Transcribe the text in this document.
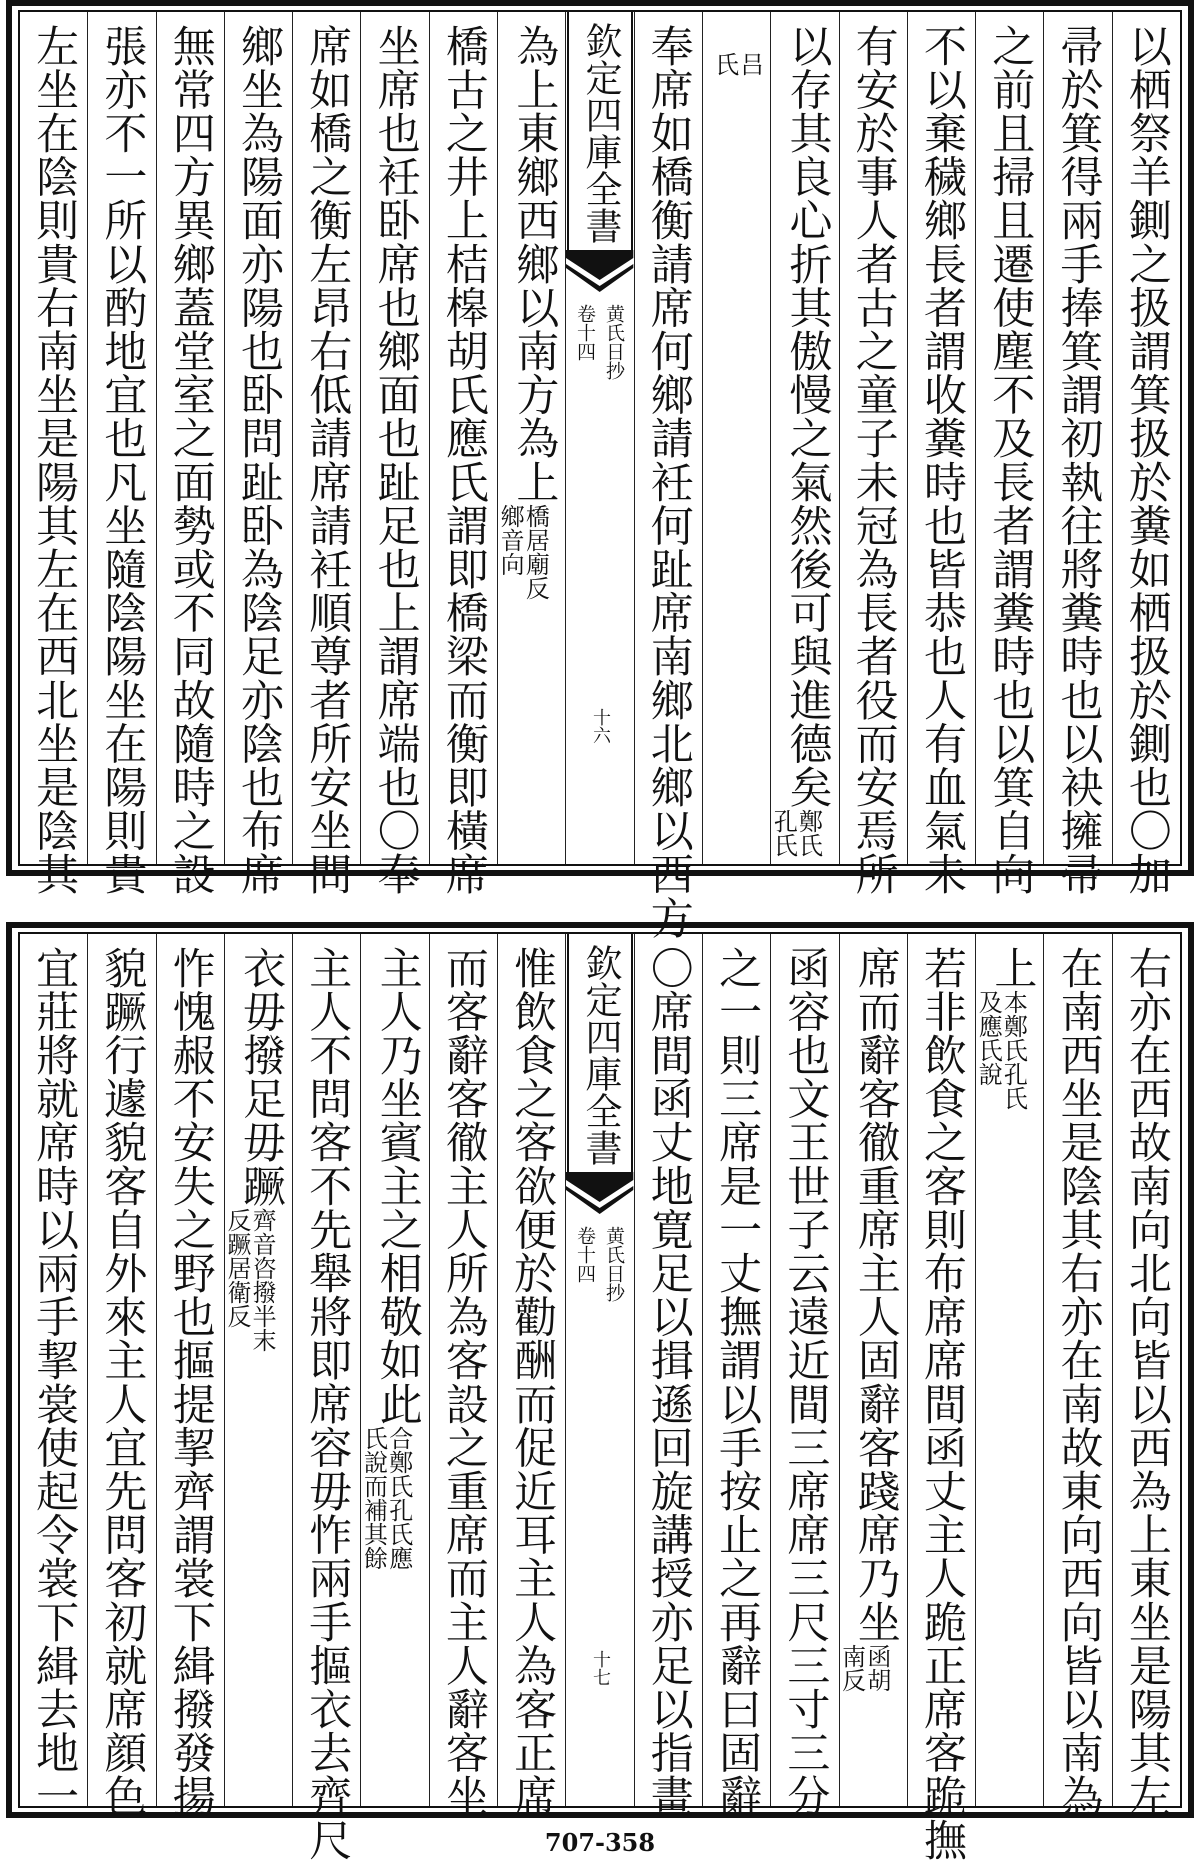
以栖祭羊鍘之扱謂箕扱於糞如栖扱於鍘也〇加
帚於箕得兩手捧箕謂初執往將糞時也以袂擁帚
之前且掃且遷使塵不及長者謂糞時也以箕自向
不以棄穢鄉長者謂收糞時也皆恭也人有血氣未
有安於事人者古之童子未冠為長者役而安焉所
以存其良心折其傲慢之氣然後可與進德矣
鄭氏
孔氏
吕
氏
奉席如橋衡請席何鄉請衽何趾席南鄉北鄉以西方
欽定四庫全書
黄氏日抄
卷十四
十六
為上東鄉西鄉以南方為上
橋居廟反
鄉音向
橋古之井上桔槔胡氏應氏謂即橋梁而衡即橫席
坐席也衽卧席也鄉面也趾足也上謂席端也〇奉
席如橋之衡左昂右低請席請衽順尊者所安坐問
鄉坐為陽面亦陽也卧問趾卧為陰足亦陰也布席
無常四方異鄉蓋堂室之面勢或不同故隨時之設
張亦不一所以酌地宜也凡坐隨陰陽坐在陽則貴
左坐在陰則貴右南坐是陽其左在西北坐是陰其
右亦在西故南向北向皆以西為上東坐是陽其左
在南西坐是陰其右亦在南故東向西向皆以南為
上
本鄭氏孔氏
及應氏說
若非飲食之客則布席席間函丈主人跪正席客跪撫
席而辭客徹重席主人固辭客踐席乃坐
函胡
南反
函容也文王世子云遠近間三席席三尺三寸三分
之一則三席是一丈撫謂以手按止之再辭曰固辭
〇席間函丈地寛足以揖遜回旋講授亦足以指畫
欽定四庫全書
黄氏日抄
卷十四
十七
惟飲食之客欲便於勸酬而促近耳主人為客正席
而客辭客徹主人所為客設之重席而主人辭客坐
主人乃坐賓主之相敬如此
合鄭氏孔氏應
氏說而補其餘
主人不問客不先舉將即席容毋怍兩手摳衣去齊尺
衣毋撥足毋蹶
齊音咨撥半末
反蹶居衛反
怍愧赧不安失之野也摳提挈齊謂裳下緝撥發揚
貌蹶行遽貌客自外來主人宜先問客初就席顔色
宜莊將就席時以兩手挈裳使起令裳下緝去地一
707-358
